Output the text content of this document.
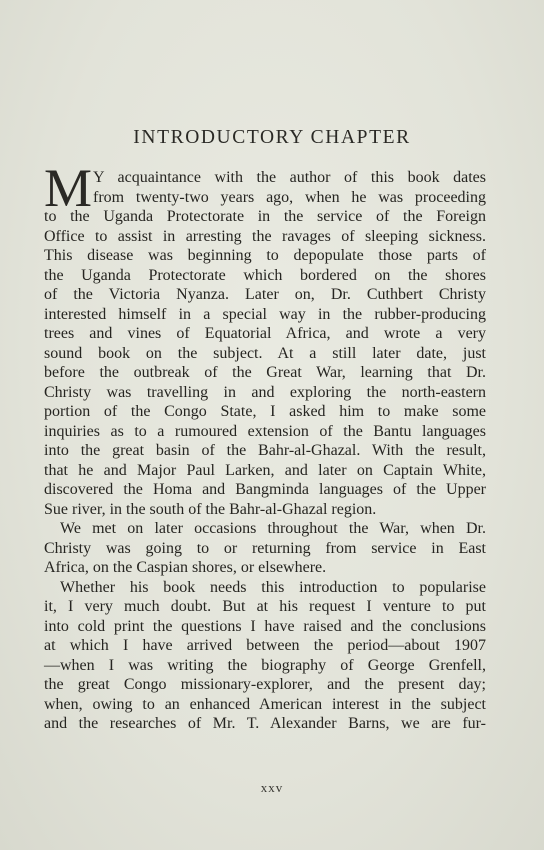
INTRODUCTORY CHAPTER
M Y acquaintance with the author of this book dates
from twenty-two years ago, when he was proceeding
to the Uganda Protectorate in the service of the Foreign
Office to assist in arresting the ravages of sleeping sickness.
This disease was beginning to depopulate those parts of
the Uganda Protectorate which bordered on the shores
of the Victoria Nyanza. Later on, Dr. Cuthbert Christy
interested himself in a special way in the rubber-producing
trees and vines of Equatorial Africa, and wrote a very
sound book on the subject. At a still later date, just
before the outbreak of the Great War, learning that Dr.
Christy was travelling in and exploring the north-eastern
portion of the Congo State, I asked him to make some
inquiries as to a rumoured extension of the Bantu languages
into the great basin of the Bahr-al-Ghazal. With the result,
that he and Major Paul Larken, and later on Captain White,
discovered the Homa and Bangminda languages of the Upper
Sue river, in the south of the Bahr-al-Ghazal region.
We met on later occasions throughout the War, when Dr.
Christy was going to or returning from service in East
Africa, on the Caspian shores, or elsewhere.
Whether his book needs this introduction to popularise
it, I very much doubt. But at his request I venture to put
into cold print the questions I have raised and the conclusions
at which I have arrived between the period—about 1907
—when I was writing the biography of George Grenfell,
the great Congo missionary-explorer, and the present day;
when, owing to an enhanced American interest in the subject
and the researches of Mr. T. Alexander Barns, we are fur-
xxv
